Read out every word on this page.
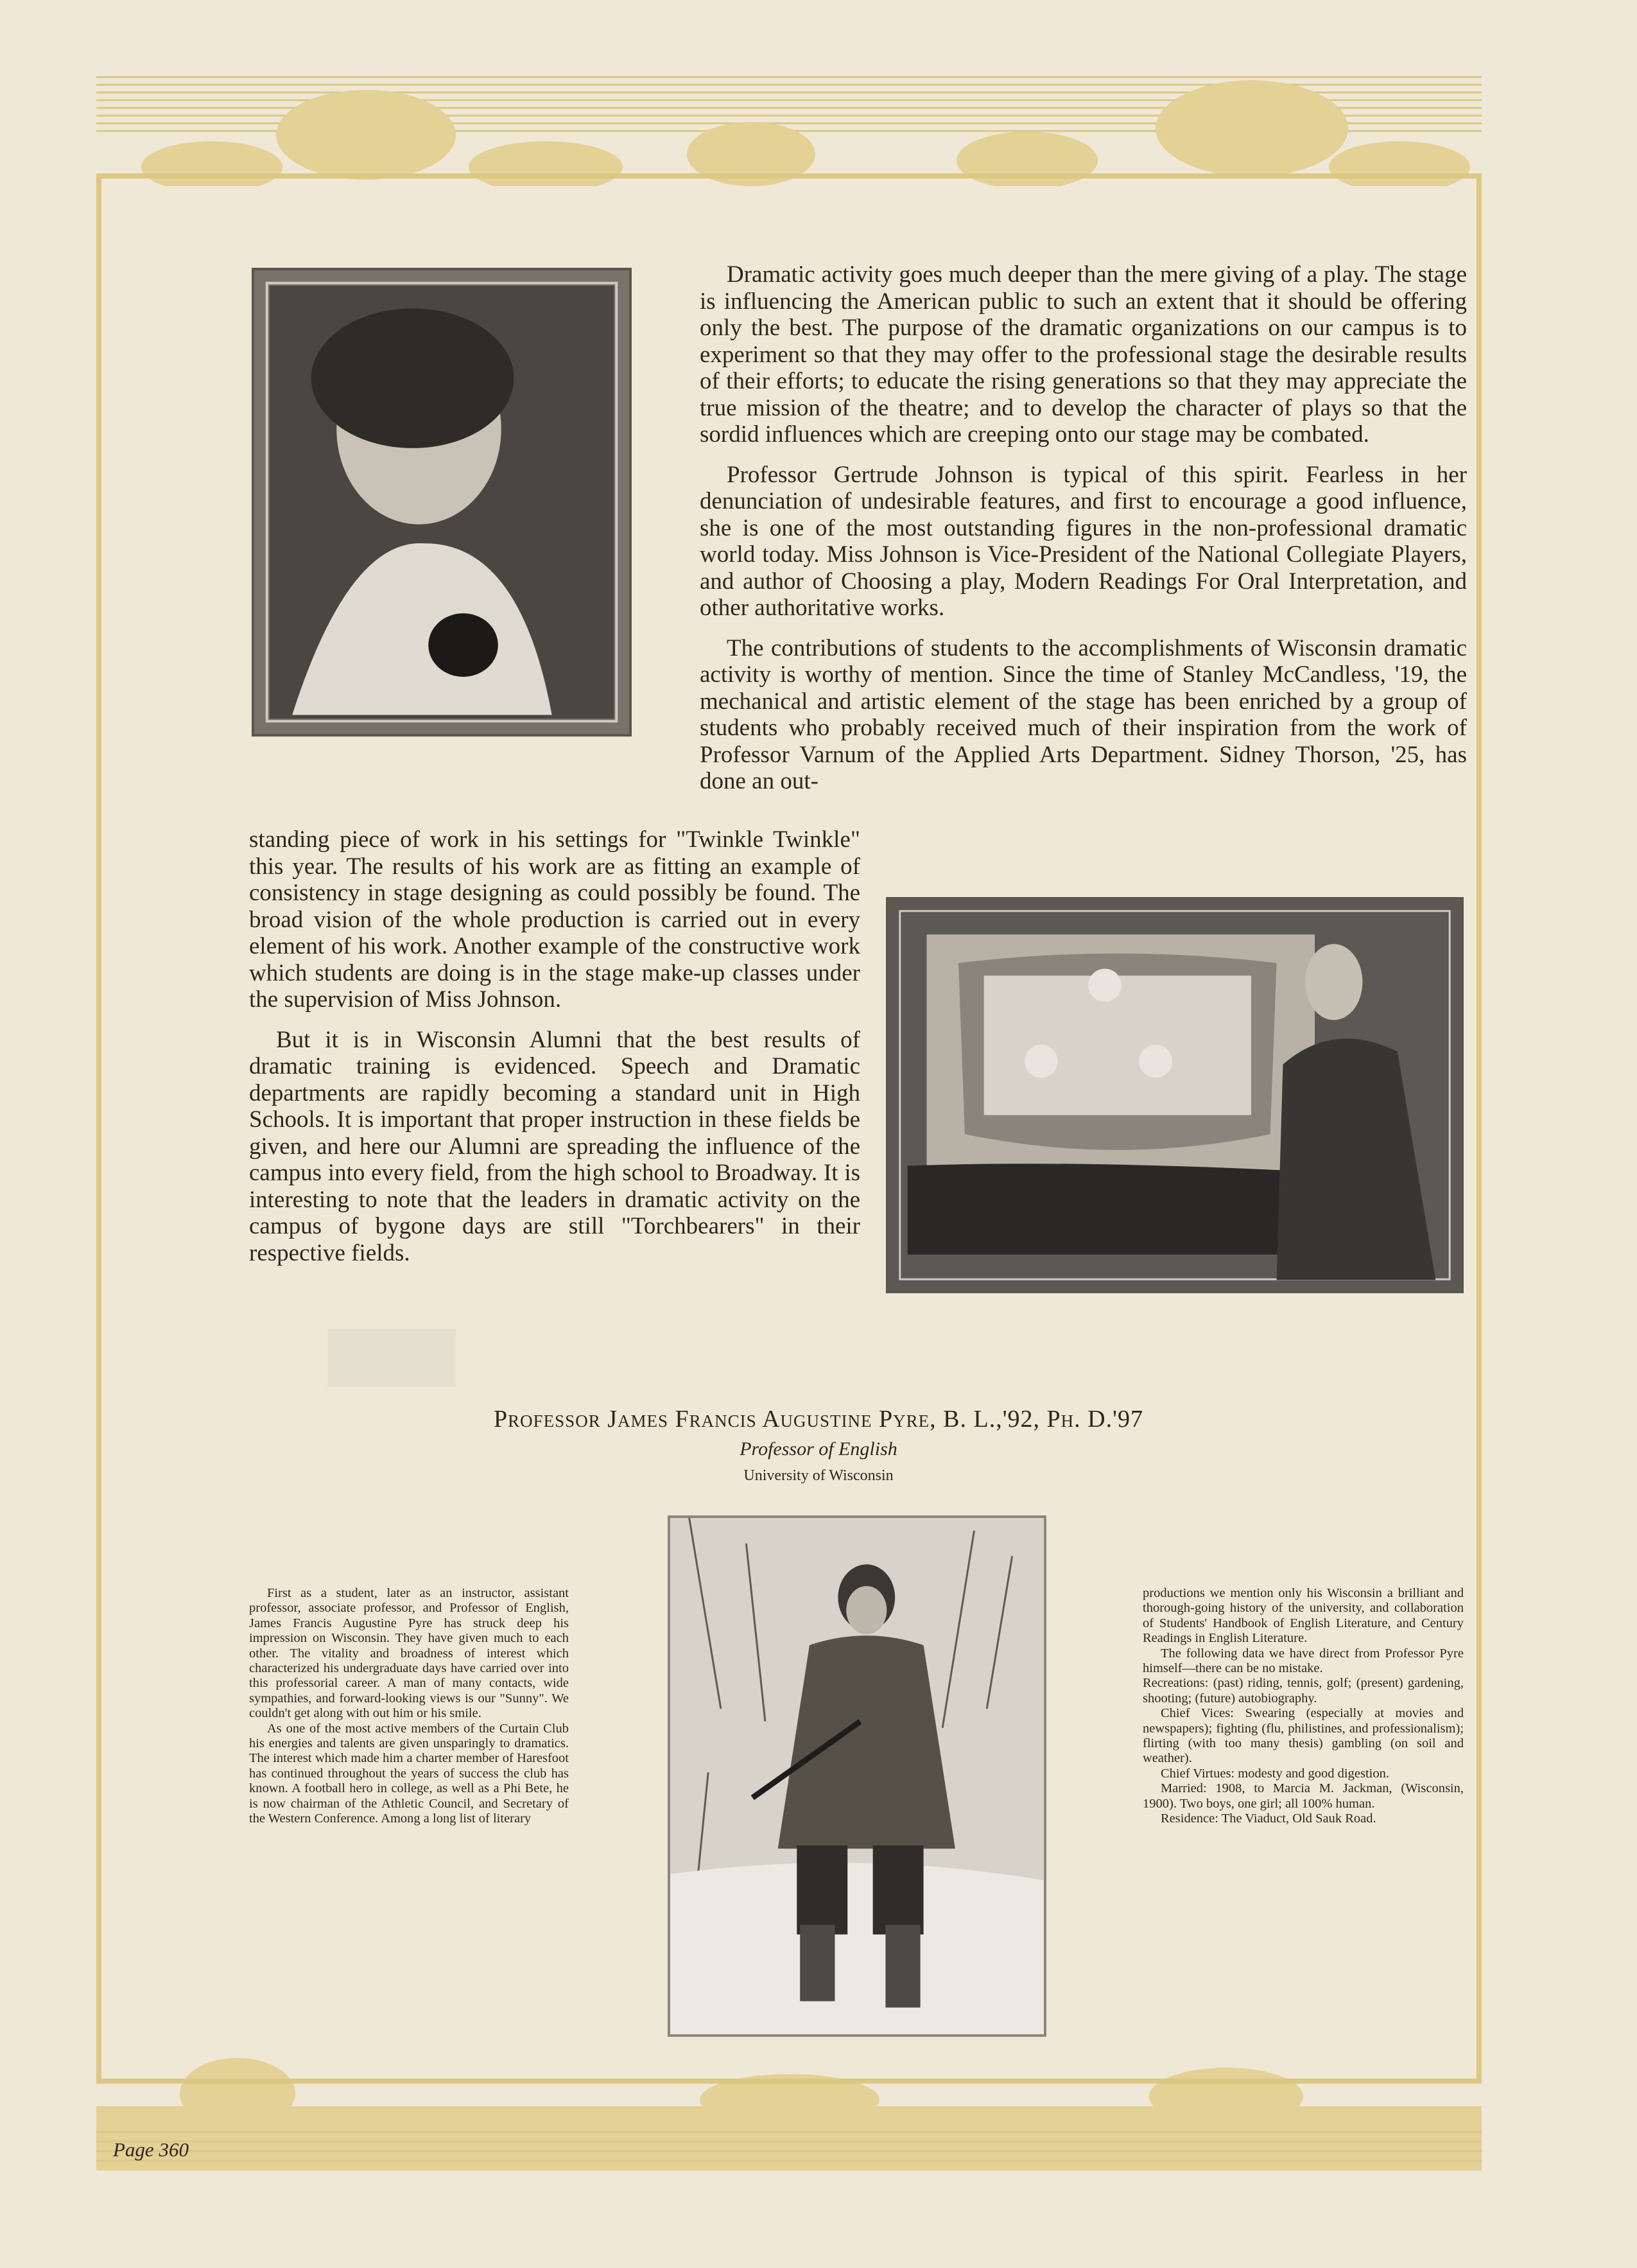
Dramatic activity goes much deeper than the mere giving of a play. The stage is influencing the American public to such an extent that it should be offering only the best. The purpose of the dramatic organizations on our campus is to experiment so that they may offer to the professional stage the desirable results of their efforts; to educate the rising generations so that they may appreciate the true mission of the theatre; and to develop the character of plays so that the sordid influences which are creeping onto our stage may be combated.

Professor Gertrude Johnson is typical of this spirit. Fearless in her denunciation of undesirable features, and first to encourage a good influence, she is one of the most outstanding figures in the non-professional dramatic world today. Miss Johnson is Vice-President of the National Collegiate Players, and author of Choosing a play, Modern Readings For Oral Interpretation, and other authoritative works.

The contributions of students to the accomplishments of Wisconsin dramatic activity is worthy of mention. Since the time of Stanley McCandless, '19, the mechanical and artistic element of the stage has been enriched by a group of students who probably received much of their inspiration from the work of Professor Varnum of the Applied Arts Department. Sidney Thorson, '25, has done an out-

standing piece of work in his settings for "Twinkle Twinkle" this year. The results of his work are as fitting an example of consistency in stage designing as could possibly be found. The broad vision of the whole production is carried out in every element of his work. Another example of the constructive work which students are doing is in the stage make-up classes under the supervision of Miss Johnson.

But it is in Wisconsin Alumni that the best results of dramatic training is evidenced. Speech and Dramatic departments are rapidly becoming a standard unit in High Schools. It is important that proper instruction in these fields be given, and here our Alumni are spreading the influence of the campus into every field, from the high school to Broadway. It is interesting to note that the leaders in dramatic activity on the campus of bygone days are still "Torchbearers" in their respective fields.

Professor James Francis Augustine Pyre, B. L.,'92, Ph. D.'97
Professor of English
University of Wisconsin

First as a student, later as an instructor, assistant professor, associate professor, and Professor of English, James Francis Augustine Pyre has struck deep his impression on Wisconsin. They have given much to each other. The vitality and broadness of interest which characterized his undergraduate days have carried over into this professorial career. A man of many contacts, wide sympathies, and forward-looking views is our "Sunny". We couldn't get along with out him or his smile.

As one of the most active members of the Curtain Club his energies and talents are given unsparingly to dramatics. The interest which made him a charter member of Haresfoot has continued throughout the years of success the club has known. A football hero in college, as well as a Phi Bete, he is now chairman of the Athletic Council, and Secretary of the Western Conference. Among a long list of literary

productions we mention only his Wisconsin a brilliant and thorough-going history of the university, and collaboration of Students' Handbook of English Literature, and Century Readings in English Literature.

The following data we have direct from Professor Pyre himself—there can be no mistake.

Recreations: (past) riding, tennis, golf; (present) gardening, shooting; (future) autobiography.

Chief Vices: Swearing (especially at movies and newspapers); fighting (flu, philistines, and professionalism); flirting (with too many thesis) gambling (on soil and weather).

Chief Virtues: modesty and good digestion.

Married: 1908, to Marcia M. Jackman, (Wisconsin, 1900). Two boys, one girl; all 100% human.

Residence: The Viaduct, Old Sauk Road.

Page 360
